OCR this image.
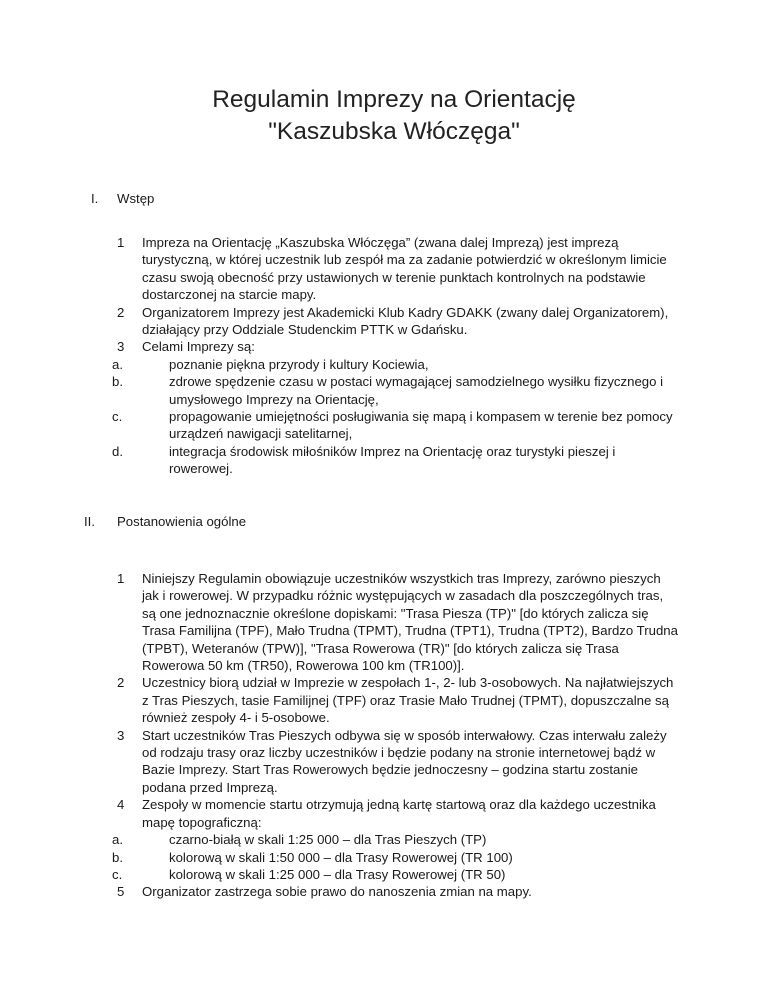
Regulamin Imprezy na Orientację
"Kaszubska Włóczęga"
I. Wstęp
1 Impreza na Orientację „Kaszubska Włóczęga” (zwana dalej Imprezą) jest imprezą turystyczną, w której uczestnik lub zespół ma za zadanie potwierdzić w określonym limicie czasu swoją obecność przy ustawionych w terenie punktach kontrolnych na podstawie dostarczonej na starcie mapy.
2 Organizatorem Imprezy jest Akademicki Klub Kadry GDAKK (zwany dalej Organizatorem), działający przy Oddziale Studenckim PTTK w Gdańsku.
3 Celami Imprezy są:
a.	poznanie piękna przyrody i kultury Kociewia,
b.	zdrowe spędzenie czasu w postaci wymagającej samodzielnego wysiłku fizycznego i umysłowego Imprezy na Orientację,
c.	propagowanie umiejętności posługiwania się mapą i kompasem w terenie bez pomocy urządzeń nawigacji satelitarnej,
d.	integracja środowisk miłośników Imprez na Orientację oraz turystyki pieszej i rowerowej.
II. Postanowienia ogólne
1 Niniejszy Regulamin obowiązuje uczestników wszystkich tras Imprezy, zarówno pieszych jak i rowerowej. W przypadku różnic występujących w zasadach dla poszczególnych tras, są one jednoznacznie określone dopiskami: "Trasa Piesza (TP)" [do których zalicza się Trasa Familijna (TPF), Mało Trudna (TPMT), Trudna (TPT1), Trudna (TPT2), Bardzo Trudna (TPBT), Weteranów (TPW)], "Trasa Rowerowa (TR)" [do których zalicza się Trasa Rowerowa 50 km (TR50), Rowerowa 100 km (TR100)].
2 Uczestnicy biorą udział w Imprezie w zespołach 1-, 2- lub 3-osobowych. Na najłatwiejszych z Tras Pieszych, tasie Familijnej (TPF) oraz Trasie Mało Trudnej (TPMT), dopuszczalne są również zespoły 4- i 5-osobowe.
3 Start uczestników Tras Pieszych odbywa się w sposób interwałowy. Czas interwału zależy od rodzaju trasy oraz liczby uczestników i będzie podany na stronie internetowej bądź w Bazie Imprezy. Start Tras Rowerowych będzie jednoczesny – godzina startu zostanie podana przed Imprezą.
4 Zespoły w momencie startu otrzymują jedną kartę startową oraz dla każdego uczestnika mapę topograficzną:
a.	czarno-białą w skali 1:25 000 – dla Tras Pieszych (TP)
b.	kolorową w skali 1:50 000 – dla Trasy Rowerowej (TR 100)
c.	kolorową w skali 1:25 000 – dla Trasy Rowerowej (TR 50)
5 Organizator zastrzega sobie prawo do nanoszenia zmian na mapy.
